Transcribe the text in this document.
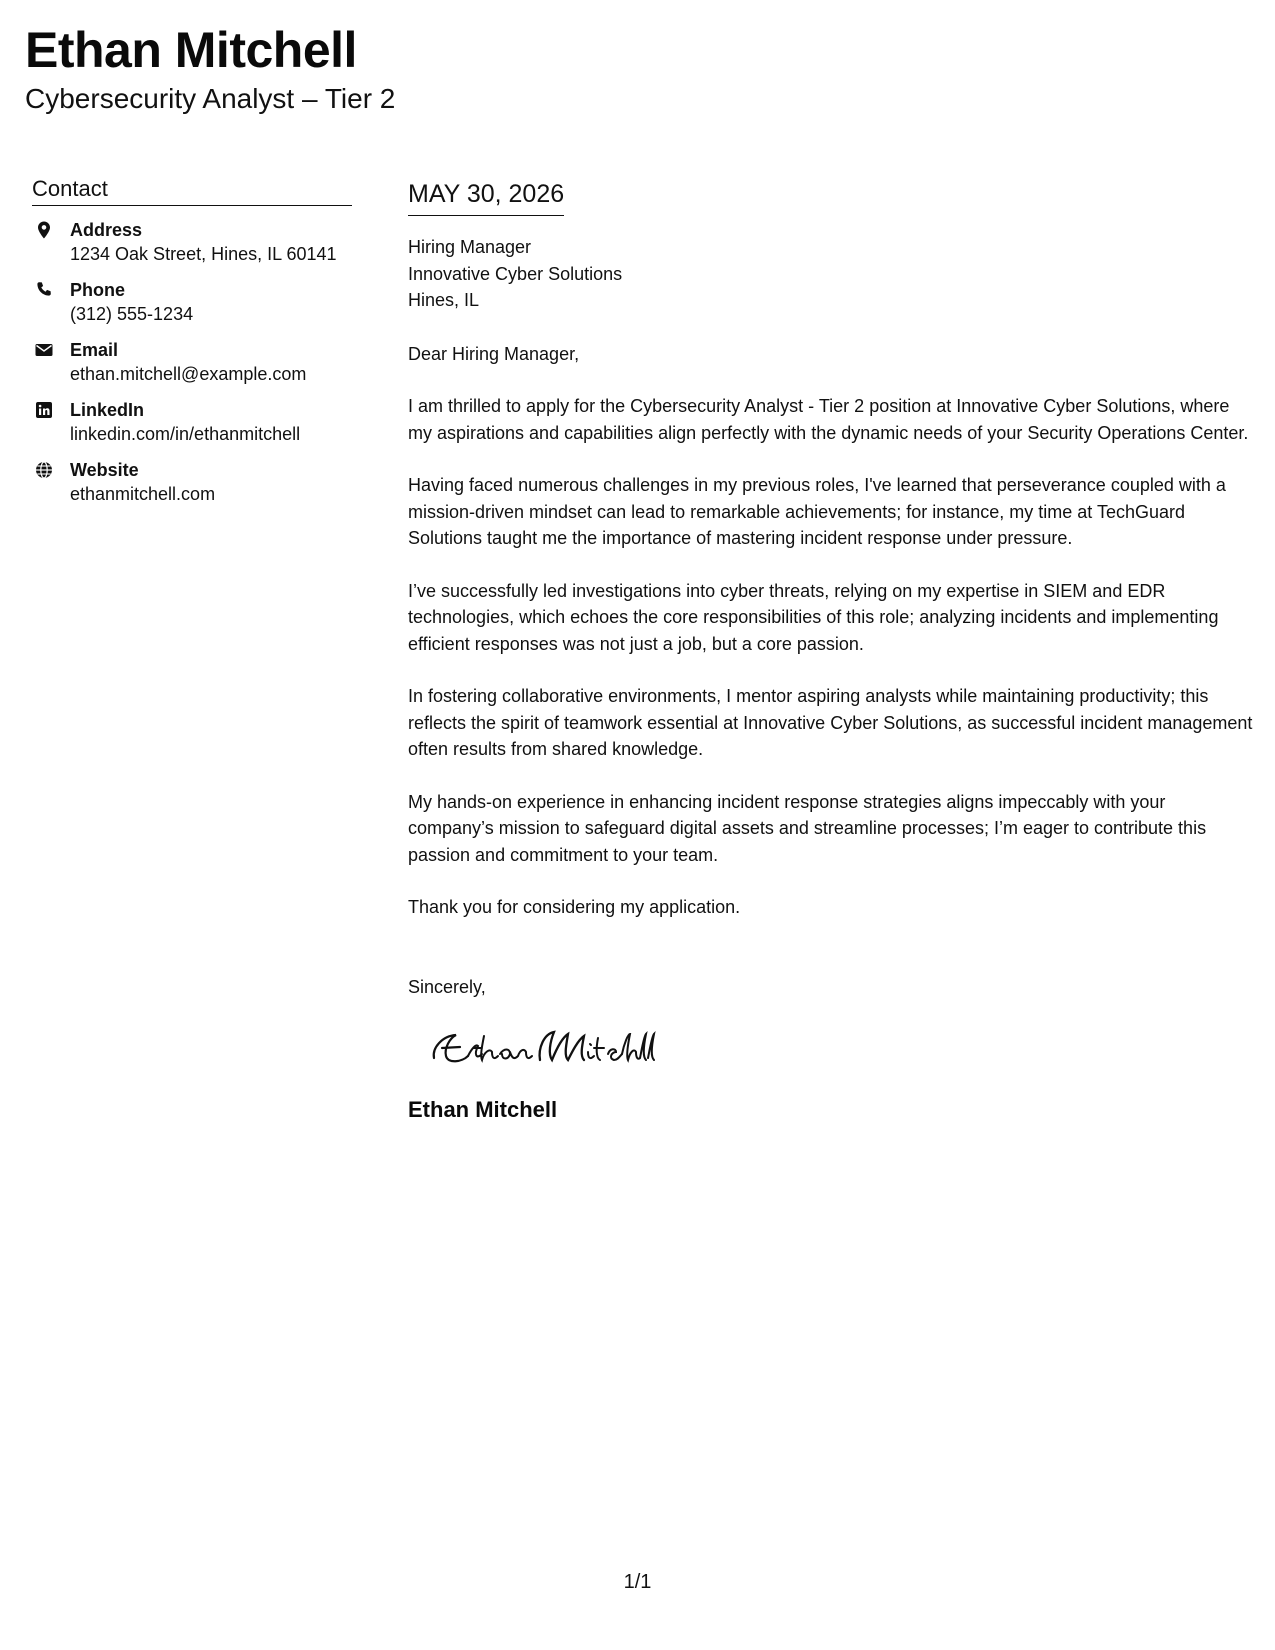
Ethan Mitchell
Cybersecurity Analyst – Tier 2
Contact
Address
1234 Oak Street, Hines, IL 60141
Phone
(312) 555-1234
Email
ethan.mitchell@example.com
LinkedIn
linkedin.com/in/ethanmitchell
Website
ethanmitchell.com
MAY 30, 2026
Hiring Manager
Innovative Cyber Solutions
Hines, IL
Dear Hiring Manager,
I am thrilled to apply for the Cybersecurity Analyst - Tier 2 position at Innovative Cyber Solutions, where my aspirations and capabilities align perfectly with the dynamic needs of your Security Operations Center.
Having faced numerous challenges in my previous roles, I've learned that perseverance coupled with a mission-driven mindset can lead to remarkable achievements; for instance, my time at TechGuard Solutions taught me the importance of mastering incident response under pressure.
I’ve successfully led investigations into cyber threats, relying on my expertise in SIEM and EDR technologies, which echoes the core responsibilities of this role; analyzing incidents and implementing efficient responses was not just a job, but a core passion.
In fostering collaborative environments, I mentor aspiring analysts while maintaining productivity; this reflects the spirit of teamwork essential at Innovative Cyber Solutions, as successful incident management often results from shared knowledge.
My hands-on experience in enhancing incident response strategies aligns impeccably with your company’s mission to safeguard digital assets and streamline processes; I’m eager to contribute this passion and commitment to your team.
Thank you for considering my application.
Sincerely,
Ethan Mitchell
1/1
